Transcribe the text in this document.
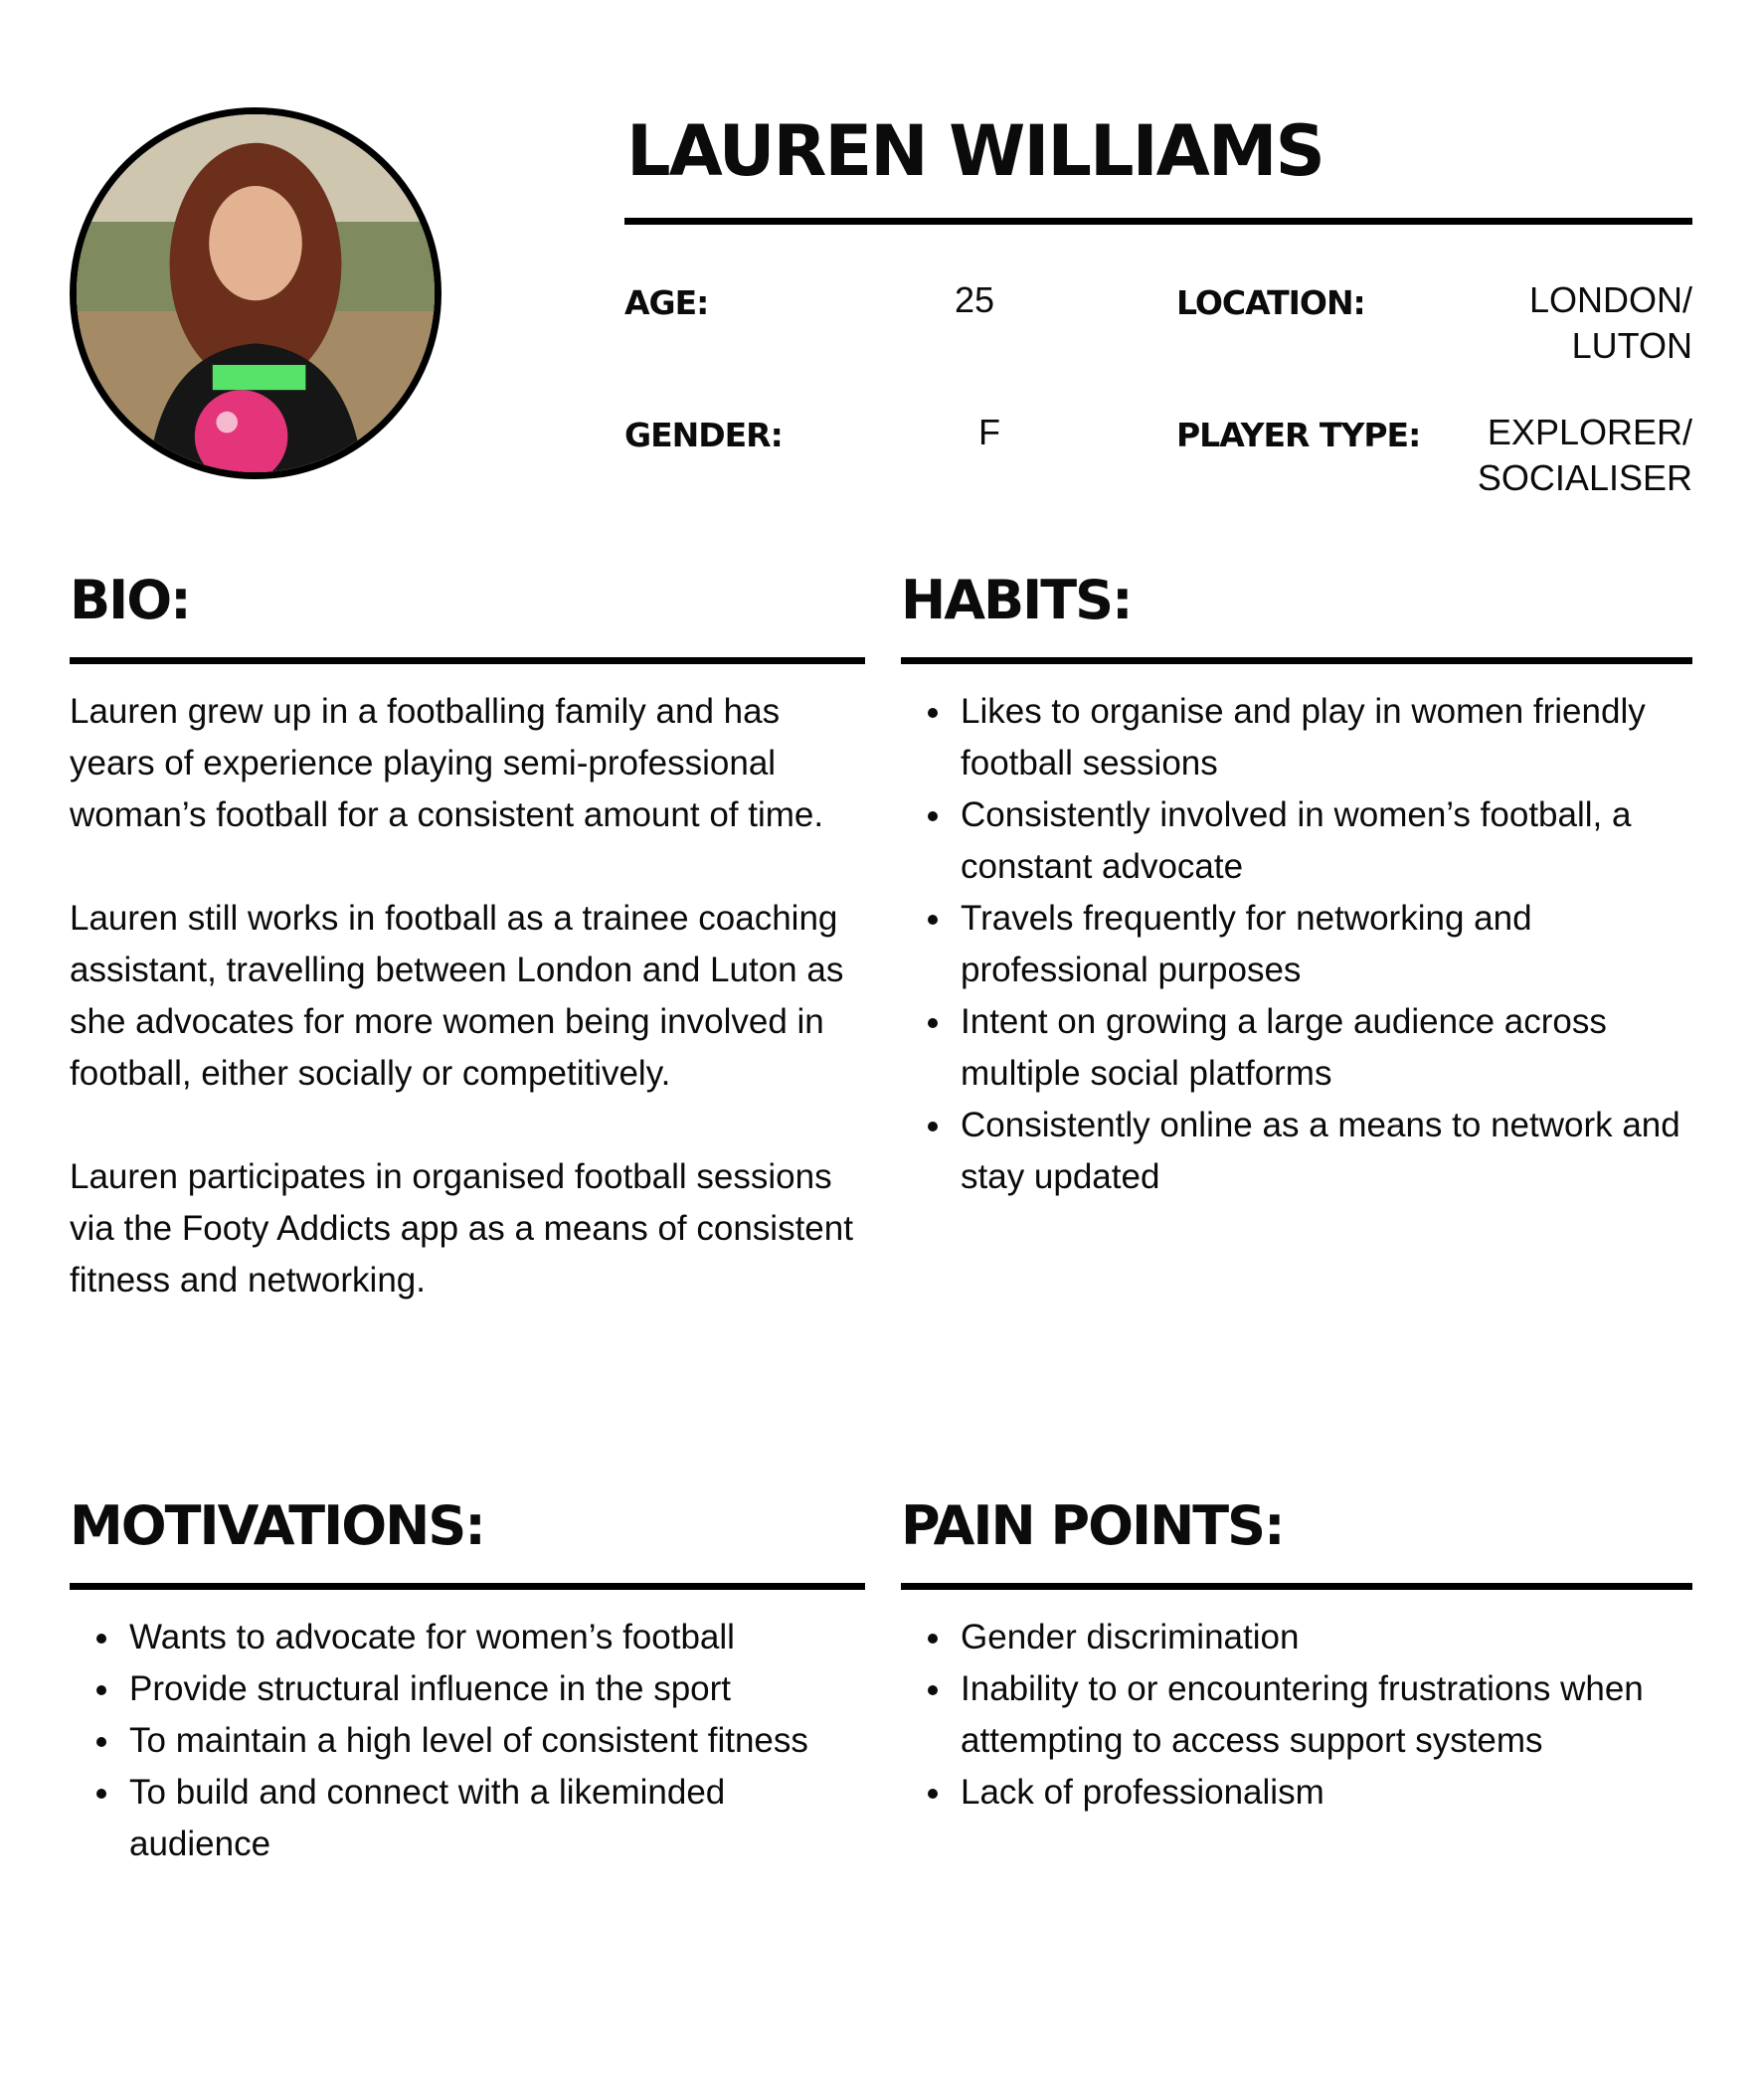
LAUREN WILLIAMS
AGE:	25
GENDER:	F
LOCATION:	LONDON/
LUTON
PLAYER TYPE:	EXPLORER/
SOCIALISER
BIO:

Lauren grew up in a footballing family and has years of experience playing semi-professional woman’s football for a consistent amount of time.

Lauren still works in football as a trainee coaching assistant, travelling between London and Luton as she advocates for more women being involved in football, either socially or competitively.

Lauren participates in organised football sessions via the Footy Addicts app as a means of consistent fitness and networking.

HABITS:
Likes to organise and play in women friendly football sessions
Consistently involved in women’s football, a constant advocate
Travels frequently for networking and professional purposes
Intent on growing a large audience across multiple social platforms
Consistently online as a means to network and stay updated
MOTIVATIONS:
Wants to advocate for women’s football
Provide structural influence in the sport
To maintain a high level of consistent fitness
To build and connect with a likeminded audience
PAIN POINTS:
Gender discrimination
Inability to or encountering frustrations when attempting to access support systems
Lack of professionalism
